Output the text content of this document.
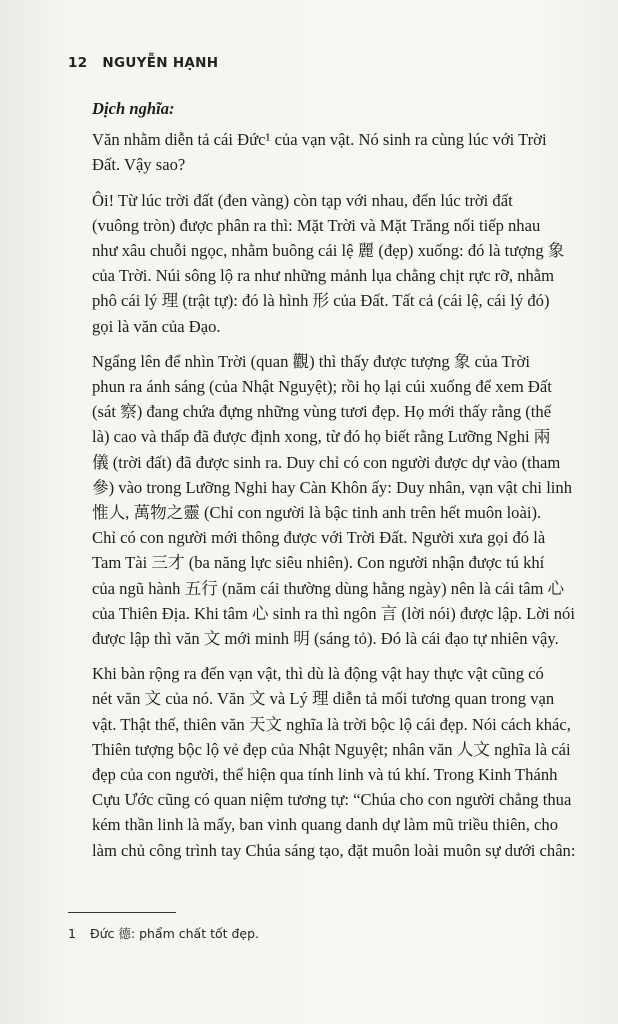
12 NGUYỄN HẠNH
Dịch nghĩa:
Văn nhằm diễn tả cái Đức¹ của vạn vật. Nó sinh ra cùng lúc với Trời
Đất. Vậy sao?
Ôi! Từ lúc trời đất (đen vàng) còn tạp với nhau, đến lúc trời đất
(vuông tròn) được phân ra thì: Mặt Trời và Mặt Trăng nối tiếp nhau
như xâu chuỗi ngọc, nhằm buông cái lệ 麗 (đẹp) xuống: đó là tượng 象
của Trời. Núi sông lộ ra như những mảnh lụa chằng chịt rực rỡ, nhằm
phô cái lý 理 (trật tự): đó là hình 形 của Đất. Tất cả (cái lệ, cái lý đó)
gọi là văn của Đạo.
Ngẩng lên để nhìn Trời (quan 觀) thì thấy được tượng 象 của Trời
phun ra ánh sáng (của Nhật Nguyệt); rồi họ lại cúi xuống để xem Đất
(sát 察) đang chứa đựng những vùng tươi đẹp. Họ mới thấy rằng (thế
là) cao và thấp đã được định xong, từ đó họ biết rằng Lưỡng Nghi 兩
儀 (trời đất) đã được sinh ra. Duy chỉ có con người được dự vào (tham
參) vào trong Lưỡng Nghi hay Càn Khôn ấy: Duy nhân, vạn vật chi linh
惟人, 萬物之靈 (Chỉ con người là bậc tinh anh trên hết muôn loài).
Chỉ có con người mới thông được với Trời Đất. Người xưa gọi đó là
Tam Tài 三才 (ba năng lực siêu nhiên). Con người nhận được tú khí
của ngũ hành 五行 (năm cái thường dùng hằng ngày) nên là cái tâm 心
của Thiên Địa. Khi tâm 心 sinh ra thì ngôn 言 (lời nói) được lập. Lời nói
được lập thì văn 文 mới minh 明 (sáng tỏ). Đó là cái đạo tự nhiên vậy.
Khi bàn rộng ra đến vạn vật, thì dù là động vật hay thực vật cũng có
nét văn 文 của nó. Văn 文 và Lý 理 diễn tả mối tương quan trong vạn
vật. Thật thế, thiên văn 天文 nghĩa là trời bộc lộ cái đẹp. Nói cách khác,
Thiên tượng bộc lộ vẻ đẹp của Nhật Nguyệt; nhân văn 人文 nghĩa là cái
đẹp của con người, thể hiện qua tính linh và tú khí. Trong Kinh Thánh
Cựu Ước cũng có quan niệm tương tự: “Chúa cho con người chẳng thua
kém thần linh là mấy, ban vinh quang danh dự làm mũ triều thiên, cho
làm chủ công trình tay Chúa sáng tạo, đặt muôn loài muôn sự dưới chân:
1 Đức 德: phẩm chất tốt đẹp.
